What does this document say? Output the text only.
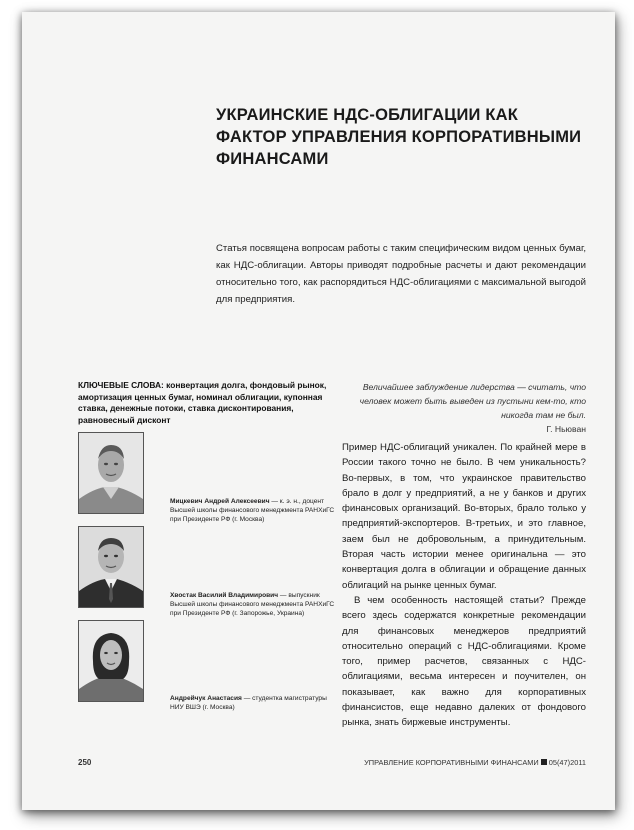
УКРАИНСКИЕ НДС-ОБЛИГАЦИИ КАК ФАКТОР УПРАВЛЕНИЯ КОРПОРАТИВНЫМИ ФИНАНСАМИ
Статья посвящена вопросам работы с таким специфическим видом ценных бумаг, как НДС-облигации. Авторы приводят подробные расчеты и дают рекомендации относительно того, как распорядиться НДС-облигациями с максимальной выгодой для предприятия.
КЛЮЧЕВЫЕ СЛОВА: конвертация долга, фондовый рынок, амортизация ценных бумаг, номинал облигации, купонная ставка, денежные потоки, ставка дисконтирования, равновесный дисконт
Величайшее заблуждение лидерства — считать, что человек может быть выведен из пустыни кем-то, кто никогда там не был.
Г. Ньюван
Мицкевич Андрей Алексеевич — к. э. н., доцент Высшей школы финансового менеджмента РАНХиГС при Президенте РФ (г. Москва)
Хвостак Василий Владимирович — выпускник Высшей школы финансового менеджмента РАНХиГС при Президенте РФ (г. Запорожье, Украина)
Андрейчук Анастасия — студентка магистратуры НИУ ВШЭ (г. Москва)

Пример НДС-облигаций уникален. По крайней мере в России такого точно не было. В чем уникальность? Во-первых, в том, что украинское правительство брало в долг у предприятий, а не у банков и других финансовых организаций. Во-вторых, брало только у предприятий-экспортеров. В-третьих, и это главное, заем был не добровольным, а принудительным. Вторая часть истории менее оригинальна — это конвертация долга в облигации и обращение данных облигаций на рынке ценных бумаг.

В чем особенность настоящей статьи? Прежде всего здесь содержатся конкретные рекомендации для финансовых менеджеров предприятий относительно операций с НДС-облигациями. Кроме того, пример расчетов, связанных с НДС-облигациями, весьма интересен и поучителен, он показывает, как важно для корпоративных финансистов, еще недавно далеких от фондового рынка, знать биржевые инструменты.

250	УПРАВЛЕНИЕ КОРПОРАТИВНЫМИ ФИНАНСАМИ 05(47)2011
